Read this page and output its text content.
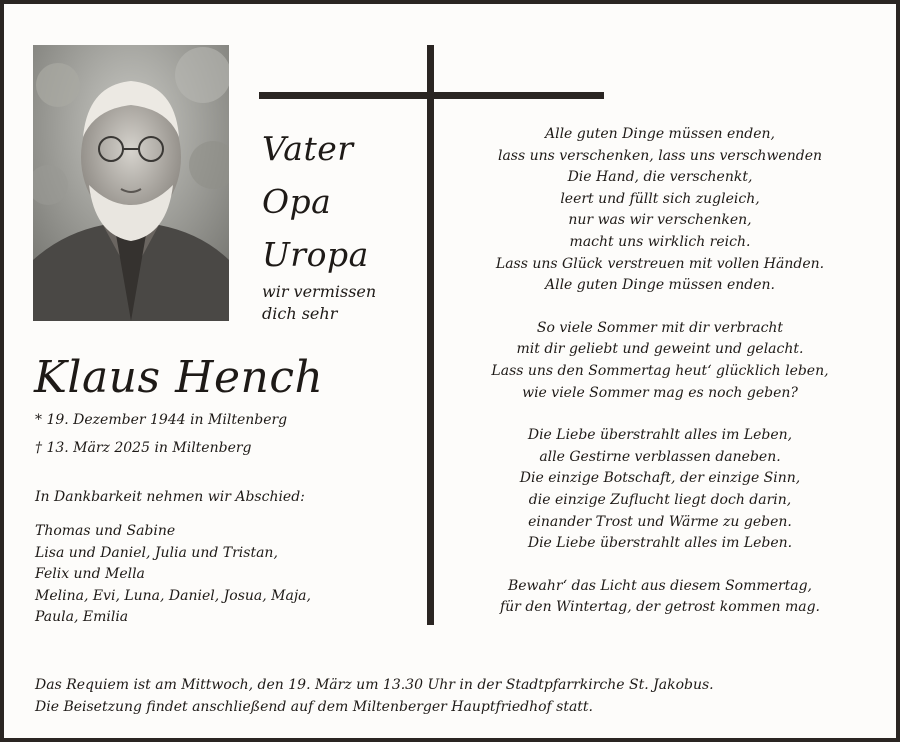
Vater
Opa
Uropa
wir vermissen
dich sehr
Klaus Hench
* 19. Dezember 1944 in Miltenberg
† 13. März 2025 in Miltenberg
In Dankbarkeit nehmen wir Abschied:
Thomas und Sabine
Lisa und Daniel, Julia und Tristan,
Felix und Mella
Melina, Evi, Luna, Daniel, Josua, Maja,
Paula, Emilia
Alle guten Dinge müssen enden,
lass uns verschenken, lass uns verschwenden
Die Hand, die verschenkt,
leert und füllt sich zugleich,
nur was wir verschenken,
macht uns wirklich reich.
Lass uns Glück verstreuen mit vollen Händen.
Alle guten Dinge müssen enden.
So viele Sommer mit dir verbracht
mit dir geliebt und geweint und gelacht.
Lass uns den Sommertag heut‘ glücklich leben,
wie viele Sommer mag es noch geben?
Die Liebe überstrahlt alles im Leben,
alle Gestirne verblassen daneben.
Die einzige Botschaft, der einzige Sinn,
die einzige Zuflucht liegt doch darin,
einander Trost und Wärme zu geben.
Die Liebe überstrahlt alles im Leben.
Bewahr‘ das Licht aus diesem Sommertag,
für den Wintertag, der getrost kommen mag.
Das Requiem ist am Mittwoch, den 19. März um 13.30 Uhr in der Stadtpfarrkirche St. Jakobus.
Die Beisetzung findet anschließend auf dem Miltenberger Hauptfriedhof statt.
